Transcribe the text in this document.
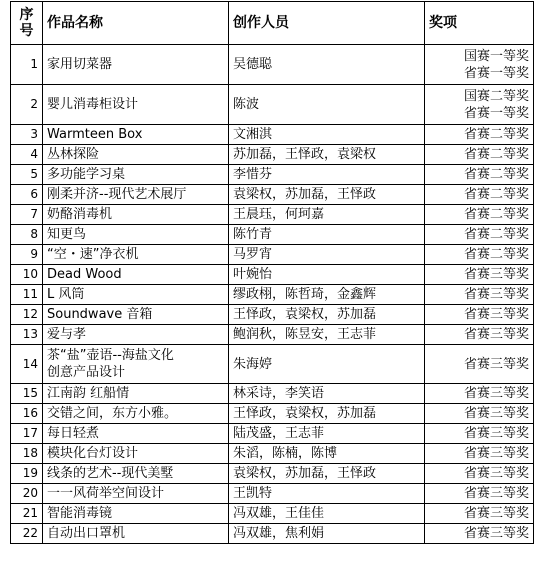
序
号	作品名称	创作人员	奖项
1	家用切菜器	吴德聪	国赛一等奖
省赛一等奖

2	婴儿消毒柜设计	陈波	国赛二等奖
省赛一等奖

3	Warmteen Box	文湘淇	省赛二等奖
4	丛林探险	苏加磊，王怿政，袁梁权	省赛二等奖
5	多功能学习桌	李惜芬	省赛二等奖
6	刚柔并济--现代艺术展厅	袁梁权，苏加磊，王怿政	省赛二等奖
7	奶酪消毒机	王晨珏，何珂嘉	省赛二等奖
8	知更鸟	陈竹青	省赛二等奖
9	“空・速”净衣机	马罗宵	省赛二等奖
10	Dead Wood	叶婉怡	省赛三等奖
11	L 风筒	缪政栩，陈哲琦，金鑫辉	省赛三等奖
12	Soundwave 音箱	王怿政，袁梁权，苏加磊	省赛三等奖
13	爱与孝	鲍润秋，陈昱安，王志菲	省赛三等奖
14	茶“盐”壶语--海盐文化
创意产品设计	朱海婷	省赛三等奖
15	江南韵 红船情	林采诗，李笑语	省赛三等奖
16	交错之间，东方小雅。	王怿政，袁梁权，苏加磊	省赛三等奖
17	每日轻煮	陆茂盛，王志菲	省赛三等奖
18	模块化台灯设计	朱滔，陈楠，陈博	省赛三等奖
19	线条的艺术--现代美墅	袁梁权，苏加磊，王怿政	省赛三等奖
20	一一风荷举空间设计	王凯特	省赛三等奖
21	智能消毒镜	冯双雄，王佳佳	省赛三等奖
22	自动出口罩机	冯双雄，焦利娟	省赛三等奖
